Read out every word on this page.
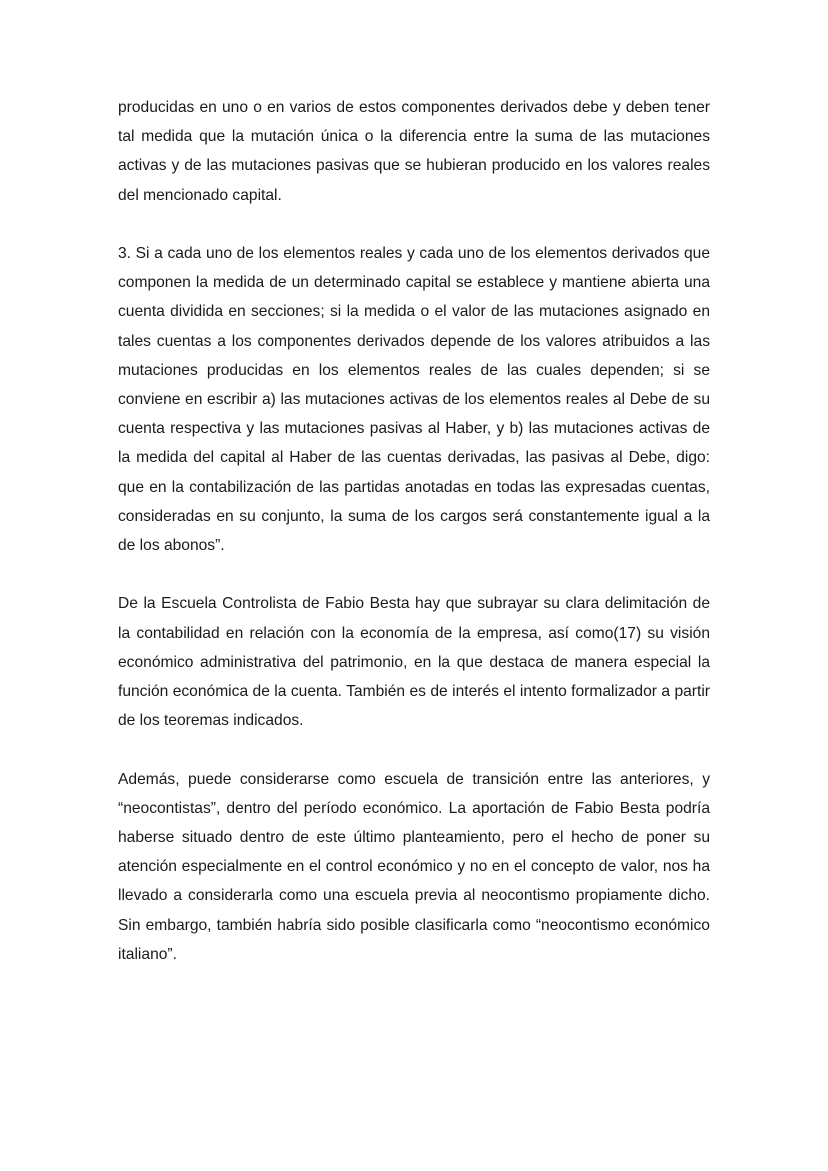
producidas en uno o en varios de estos componentes derivados debe y deben tener tal medida que la mutación única o la diferencia entre la suma de las mutaciones activas y de las mutaciones pasivas que se hubieran producido en los valores reales del mencionado capital.

3. Si a cada uno de los elementos reales y cada uno de los elementos derivados que componen la medida de un determinado capital se establece y mantiene abierta una cuenta dividida en secciones; si la medida o el valor de las mutaciones asignado en tales cuentas a los componentes derivados depende de los valores atribuidos a las mutaciones producidas en los elementos reales de las cuales dependen; si se conviene en escribir a) las mutaciones activas de los elementos reales al Debe de su cuenta respectiva y las mutaciones pasivas al Haber, y b) las mutaciones activas de la medida del capital al Haber de las cuentas derivadas, las pasivas al Debe, digo: que en la contabilización de las partidas anotadas en todas las expresadas cuentas, consideradas en su conjunto, la suma de los cargos será constantemente igual a la de los abonos”.

De la Escuela Controlista de Fabio Besta hay que subrayar su clara delimitación de la contabilidad en relación con la economía de la empresa, así como(17) su visión económico administrativa del patrimonio, en la que destaca de manera especial la función económica de la cuenta. También es de interés el intento formalizador a partir de los teoremas indicados.

Además, puede considerarse como escuela de transición entre las anteriores, y “neocontistas”, dentro del período económico. La aportación de Fabio Besta podría haberse situado dentro de este último planteamiento, pero el hecho de poner su atención especialmente en el control económico y no en el concepto de valor, nos ha llevado a considerarla como una escuela previa al neocontismo propiamente dicho. Sin embargo, también habría sido posible clasificarla como “neocontismo económico italiano”.
